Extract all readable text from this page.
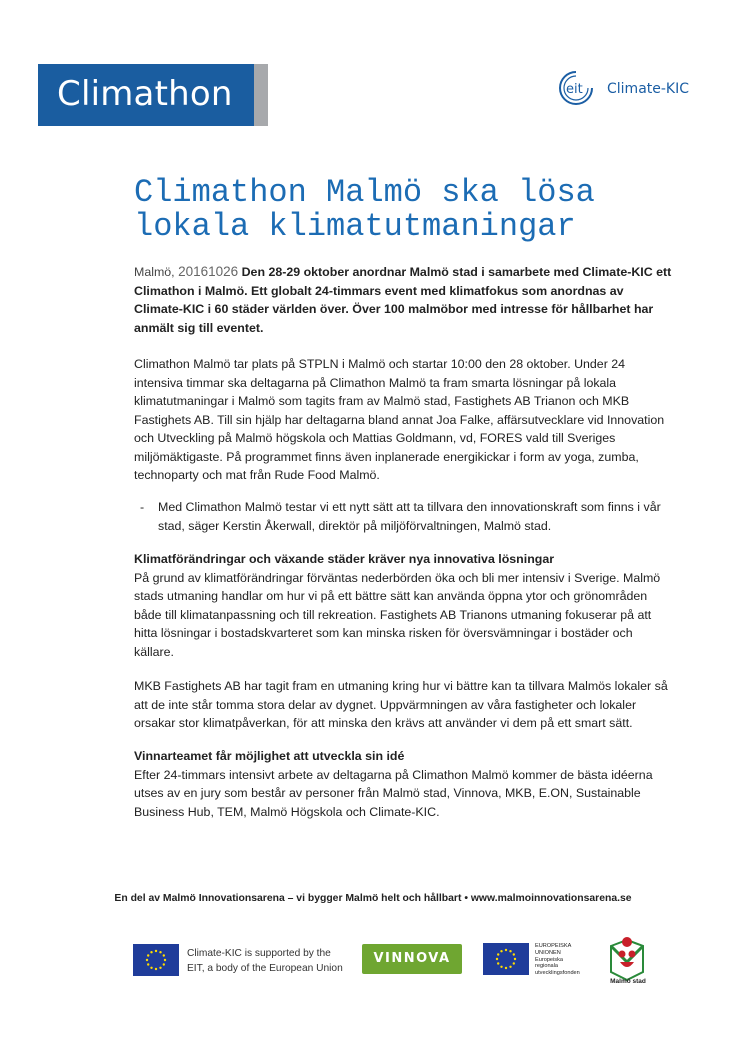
Climathon	eit Climate-KIC
Climathon Malmö ska lösa lokala klimatutmaningar
Malmö, 20161026 Den 28-29 oktober anordnar Malmö stad i samarbete med Climate-KIC ett Climathon i Malmö. Ett globalt 24-timmars event med klimatfokus som anordnas av Climate-KIC i 60 städer världen över. Över 100 malmöbor med intresse för hållbarhet har anmält sig till eventet.
Climathon Malmö tar plats på STPLN i Malmö och startar 10:00 den 28 oktober. Under 24 intensiva timmar ska deltagarna på Climathon Malmö ta fram smarta lösningar på lokala klimatutmaningar i Malmö som tagits fram av Malmö stad, Fastighets AB Trianon och MKB Fastighets AB. Till sin hjälp har deltagarna bland annat Joa Falke, affärsutvecklare vid Innovation och Utveckling på Malmö högskola och Mattias Goldmann, vd, FORES vald till Sveriges miljömäktigaste. På programmet finns även inplanerade energikickar i form av yoga, zumba, technoparty och mat från Rude Food Malmö.
- Med Climathon Malmö testar vi ett nytt sätt att ta tillvara den innovationskraft som finns i vår stad, säger Kerstin Åkerwall, direktör på miljöförvaltningen, Malmö stad.
Klimatförändringar och växande städer kräver nya innovativa lösningar
På grund av klimatförändringar förväntas nederbörden öka och bli mer intensiv i Sverige. Malmö stads utmaning handlar om hur vi på ett bättre sätt kan använda öppna ytor och grönområden både till klimatanpassning och till rekreation. Fastighets AB Trianons utmaning fokuserar på att hitta lösningar i bostadskvarteret som kan minska risken för översvämningar i bostäder och källare.
MKB Fastighets AB har tagit fram en utmaning kring hur vi bättre kan ta tillvara Malmös lokaler så att de inte står tomma stora delar av dygnet. Uppvärmningen av våra fastigheter och lokaler orsakar stor klimatpåverkan, för att minska den krävs att använder vi dem på ett smart sätt.
Vinnarteamet får möjlighet att utveckla sin idé
Efter 24-timmars intensivt arbete av deltagarna på Climathon Malmö kommer de bästa idéerna utses av en jury som består av personer från Malmö stad, Vinnova, MKB, E.ON, Sustainable Business Hub, TEM, Malmö Högskola och Climate-KIC.
En del av Malmö Innovationsarena – vi bygger Malmö helt och hållbart • www.malmoinnovationsarena.se
Climate-KIC is supported by the
EIT, a body of the European Union
VINNOVA
EUROPEISKA
UNIONEN
Europeiska
regionala
utvecklingsfonden
Malmö stad
